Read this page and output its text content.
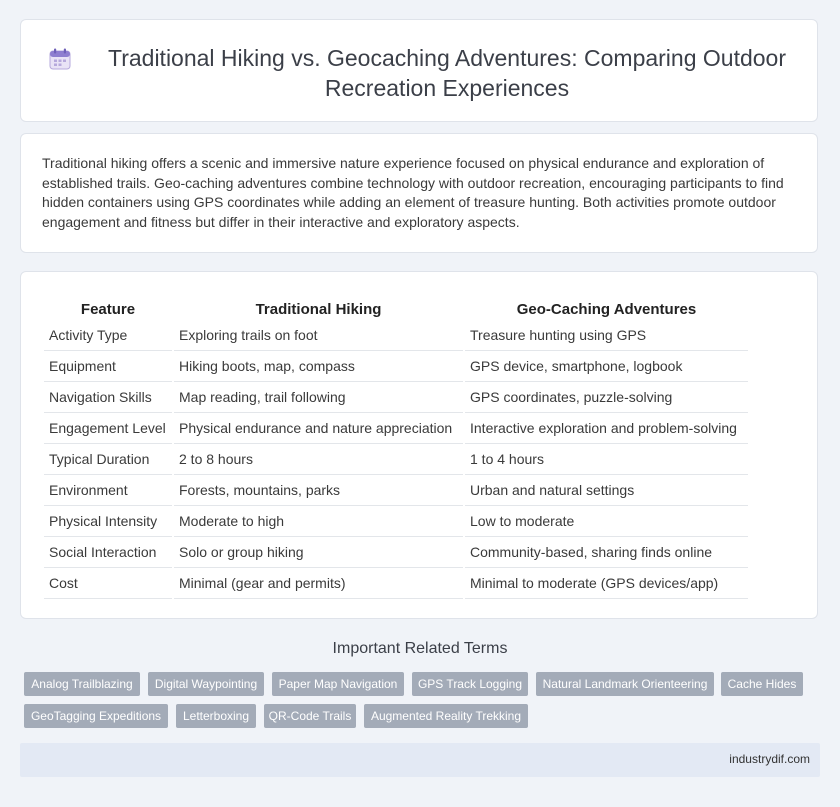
Traditional Hiking vs. Geocaching Adventures: Comparing Outdoor Recreation Experiences
Traditional hiking offers a scenic and immersive nature experience focused on physical endurance and exploration of established trails. Geo-caching adventures combine technology with outdoor recreation, encouraging participants to find hidden containers using GPS coordinates while adding an element of treasure hunting. Both activities promote outdoor engagement and fitness but differ in their interactive and exploratory aspects.
Feature	Traditional Hiking	Geo-Caching Adventures
Activity Type	Exploring trails on foot	Treasure hunting using GPS
Equipment	Hiking boots, map, compass	GPS device, smartphone, logbook
Navigation Skills	Map reading, trail following	GPS coordinates, puzzle-solving
Engagement Level	Physical endurance and nature appreciation	Interactive exploration and problem-solving
Typical Duration	2 to 8 hours	1 to 4 hours
Environment	Forests, mountains, parks	Urban and natural settings
Physical Intensity	Moderate to high	Low to moderate
Social Interaction	Solo or group hiking	Community-based, sharing finds online
Cost	Minimal (gear and permits)	Minimal to moderate (GPS devices/app)
Important Related Terms
Analog Trailblazing	Digital Waypointing	Paper Map Navigation	GPS Track Logging	Natural Landmark Orienteering	Cache Hides
GeoTagging Expeditions	Letterboxing	QR-Code Trails	Augmented Reality Trekking
industrydif.com
